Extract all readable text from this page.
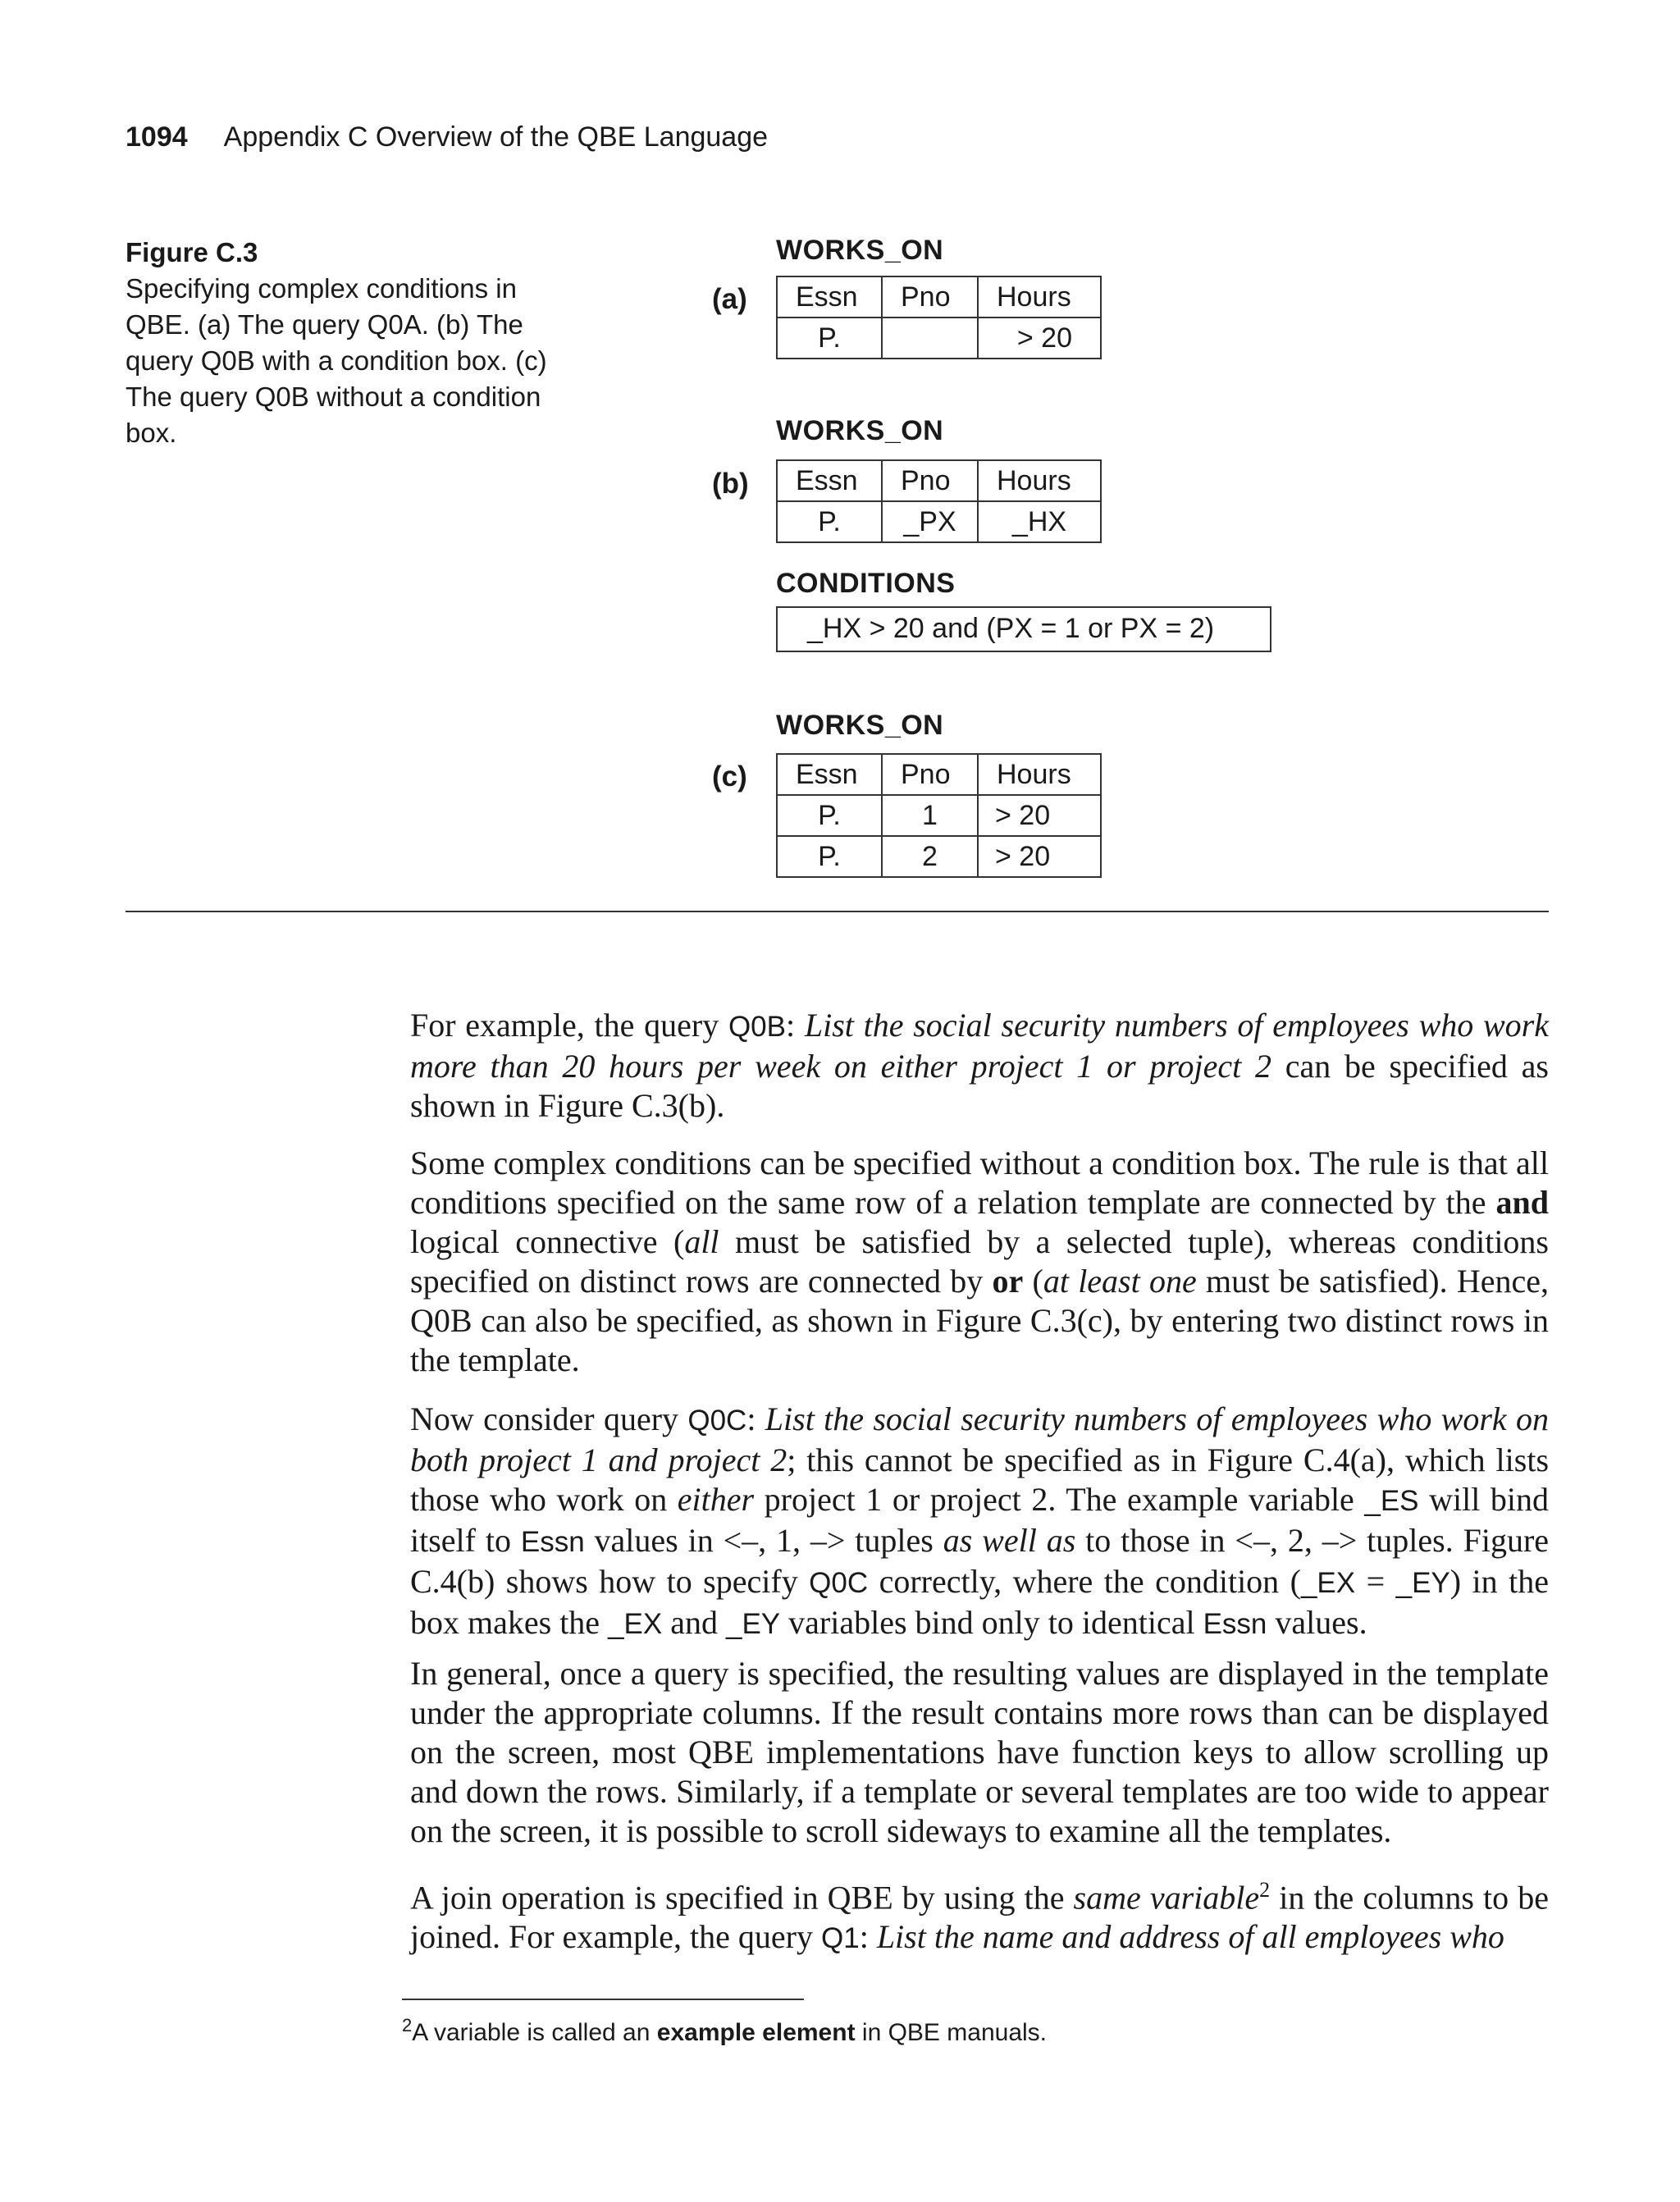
1094 Appendix C Overview of the QBE Language
Figure C.3
Specifying complex conditions in QBE. (a) The query Q0A. (b) The query Q0B with a condition box. (c) The query Q0B without a condition box.
WORKS_ON
(a) Essn	Pno	Hours
P.		> 20
WORKS_ON
(b) Essn	Pno	Hours
P.	_PX	_HX
CONDITIONS
_HX > 20 and (PX = 1 or PX = 2)
WORKS_ON
(c) Essn	Pno	Hours
P.	1	> 20
P.	2	> 20

For example, the query Q0B: List the social security numbers of employees who work more than 20 hours per week on either project 1 or project 2 can be specified as shown in Figure C.3(b).

Some complex conditions can be specified without a condition box. The rule is that all conditions specified on the same row of a relation template are connected by the and logical connective (all must be satisfied by a selected tuple), whereas conditions specified on distinct rows are connected by or (at least one must be satisfied). Hence, Q0B can also be specified, as shown in Figure C.3(c), by entering two distinct rows in the template.

Now consider query Q0C: List the social security numbers of employees who work on both project 1 and project 2; this cannot be specified as in Figure C.4(a), which lists those who work on either project 1 or project 2. The example variable _ES will bind itself to Essn values in <–, 1, –> tuples as well as to those in <–, 2, –> tuples. Figure C.4(b) shows how to specify Q0C correctly, where the condition (_EX = _EY) in the box makes the _EX and _EY variables bind only to identical Essn values.

In general, once a query is specified, the resulting values are displayed in the template under the appropriate columns. If the result contains more rows than can be displayed on the screen, most QBE implementations have function keys to allow scrolling up and down the rows. Similarly, if a template or several templates are too wide to appear on the screen, it is possible to scroll sideways to examine all the templates.

A join operation is specified in QBE by using the same variable$^2$ in the columns to be joined. For example, the query Q1: List the name and address of all employees who

$^2$A variable is called an example element in QBE manuals.
